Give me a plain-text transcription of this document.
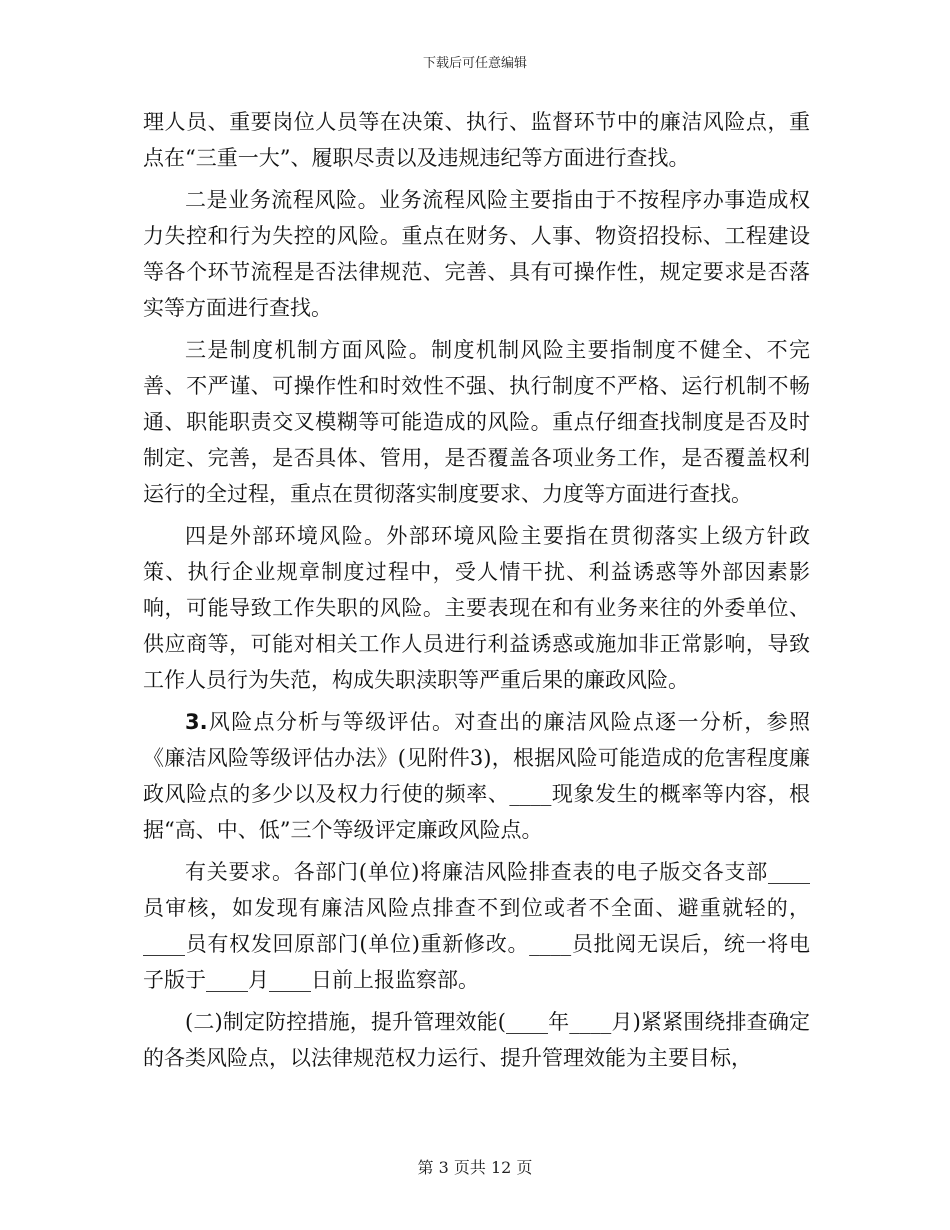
下载后可任意编辑

理人员、重要岗位人员等在决策、执行、监督环节中的廉洁风险点，重点在“三重一大”、履职尽责以及违规违纪等方面进行查找。

二是业务流程风险。业务流程风险主要指由于不按程序办事造成权力失控和行为失控的风险。重点在财务、人事、物资招投标、工程建设等各个环节流程是否法律规范、完善、具有可操作性，规定要求是否落实等方面进行查找。

三是制度机制方面风险。制度机制风险主要指制度不健全、不完善、不严谨、可操作性和时效性不强、执行制度不严格、运行机制不畅通、职能职责交叉模糊等可能造成的风险。重点仔细查找制度是否及时制定、完善，是否具体、管用，是否覆盖各项业务工作，是否覆盖权利运行的全过程，重点在贯彻落实制度要求、力度等方面进行查找。

四是外部环境风险。外部环境风险主要指在贯彻落实上级方针政策、执行企业规章制度过程中，受人情干扰、利益诱惑等外部因素影响，可能导致工作失职的风险。主要表现在和有业务来往的外委单位、供应商等，可能对相关工作人员进行利益诱惑或施加非正常影响，导致工作人员行为失范，构成失职渎职等严重后果的廉政风险。

3.风险点分析与等级评估。对查出的廉洁风险点逐一分析，参照《廉洁风险等级评估办法》(见附件3)，根据风险可能造成的危害程度廉政风险点的多少以及权力行使的频率、____现象发生的概率等内容，根据“高、中、低”三个等级评定廉政风险点。

有关要求。各部门(单位)将廉洁风险排查表的电子版交各支部____员审核，如发现有廉洁风险点排查不到位或者不全面、避重就轻的，____员有权发回原部门(单位)重新修改。____员批阅无误后，统一将电子版于____月____日前上报监察部。

(二)制定防控措施，提升管理效能(____年____月)紧紧围绕排查确定的各类风险点，以法律规范权力运行、提升管理效能为主要目标，

第 3 页共 12 页
